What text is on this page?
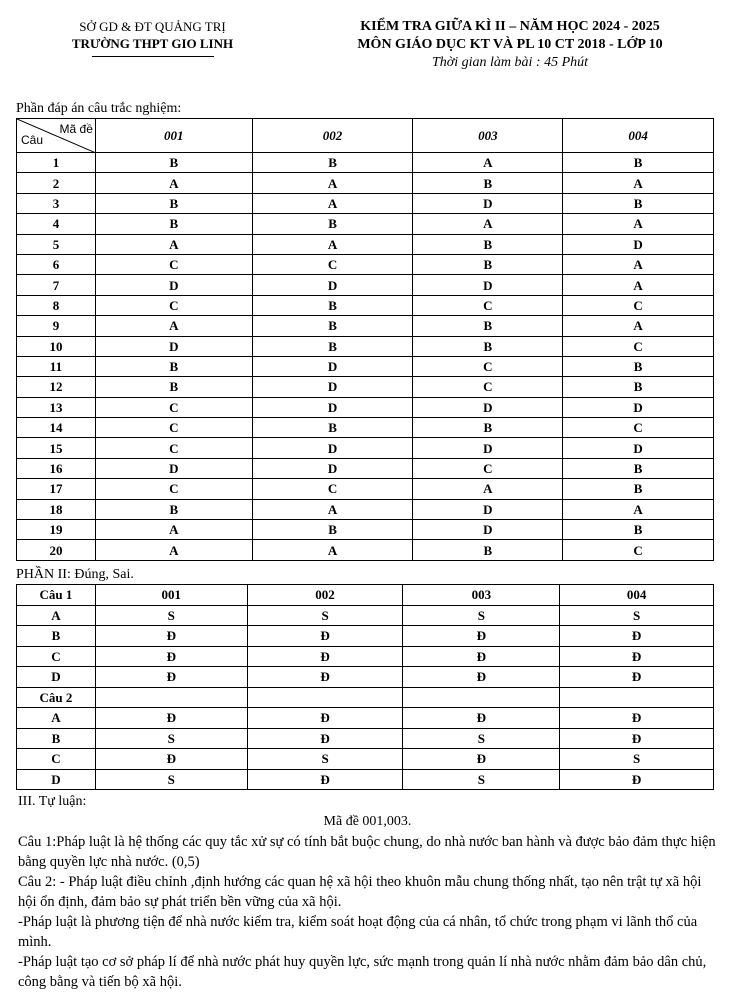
SỞ GD & ĐT QUẢNG TRỊ
TRƯỜNG THPT GIO LINH
KIỂM TRA GIỮA KÌ II – NĂM HỌC 2024 - 2025
MÔN GIÁO DỤC KT VÀ PL 10 CT 2018 - LỚP 10
Thời gian làm bài : 45 Phút
Phần đáp án câu trắc nghiệm:
Mã đề
Câu	001	002	003	004
1	B	B	A	B
2	A	A	B	A
3	B	A	D	B
4	B	B	A	A
5	A	A	B	D
6	C	C	B	A
7	D	D	D	A
8	C	B	C	C
9	A	B	B	A
10	D	B	B	C
11	B	D	C	B
12	B	D	C	B
13	C	D	D	D
14	C	B	B	C
15	C	D	D	D
16	D	D	C	B
17	C	C	A	B
18	B	A	D	A
19	A	B	D	B
20	A	A	B	C
PHẦN II: Đúng, Sai.
Câu 1	001	002	003	004
A	S	S	S	S
B	Đ	Đ	Đ	Đ
C	Đ	Đ	Đ	Đ
D	Đ	Đ	Đ	Đ
Câu 2				
A	Đ	Đ	Đ	Đ
B	S	Đ	S	Đ
C	Đ	S	Đ	S
D	S	Đ	S	Đ
III. Tự luận:
Mã đề 001,003.
Câu 1:Pháp luật là hệ thống các quy tắc xử sự có tính bắt buộc chung, do nhà nước ban hành và được bảo đảm thực hiện bằng quyền lực nhà nước. (0,5)
Câu 2: - Pháp luật điều chỉnh ,định hướng các quan hệ xã hội theo khuôn mẫu chung thống nhất, tạo nên trật tự xã hội hội ổn định, đảm bảo sự phát triển bền vững của xã hội.
-Pháp luật là phương tiện để nhà nước kiểm tra, kiểm soát hoạt động của cá nhân, tổ chức trong phạm vi lãnh thổ của mình.
-Pháp luật tạo cơ sở pháp lí để nhà nước phát huy quyền lực, sức mạnh trong quản lí nhà nước nhằm đảm bảo dân chủ, công bằng và tiến bộ xã hội.
